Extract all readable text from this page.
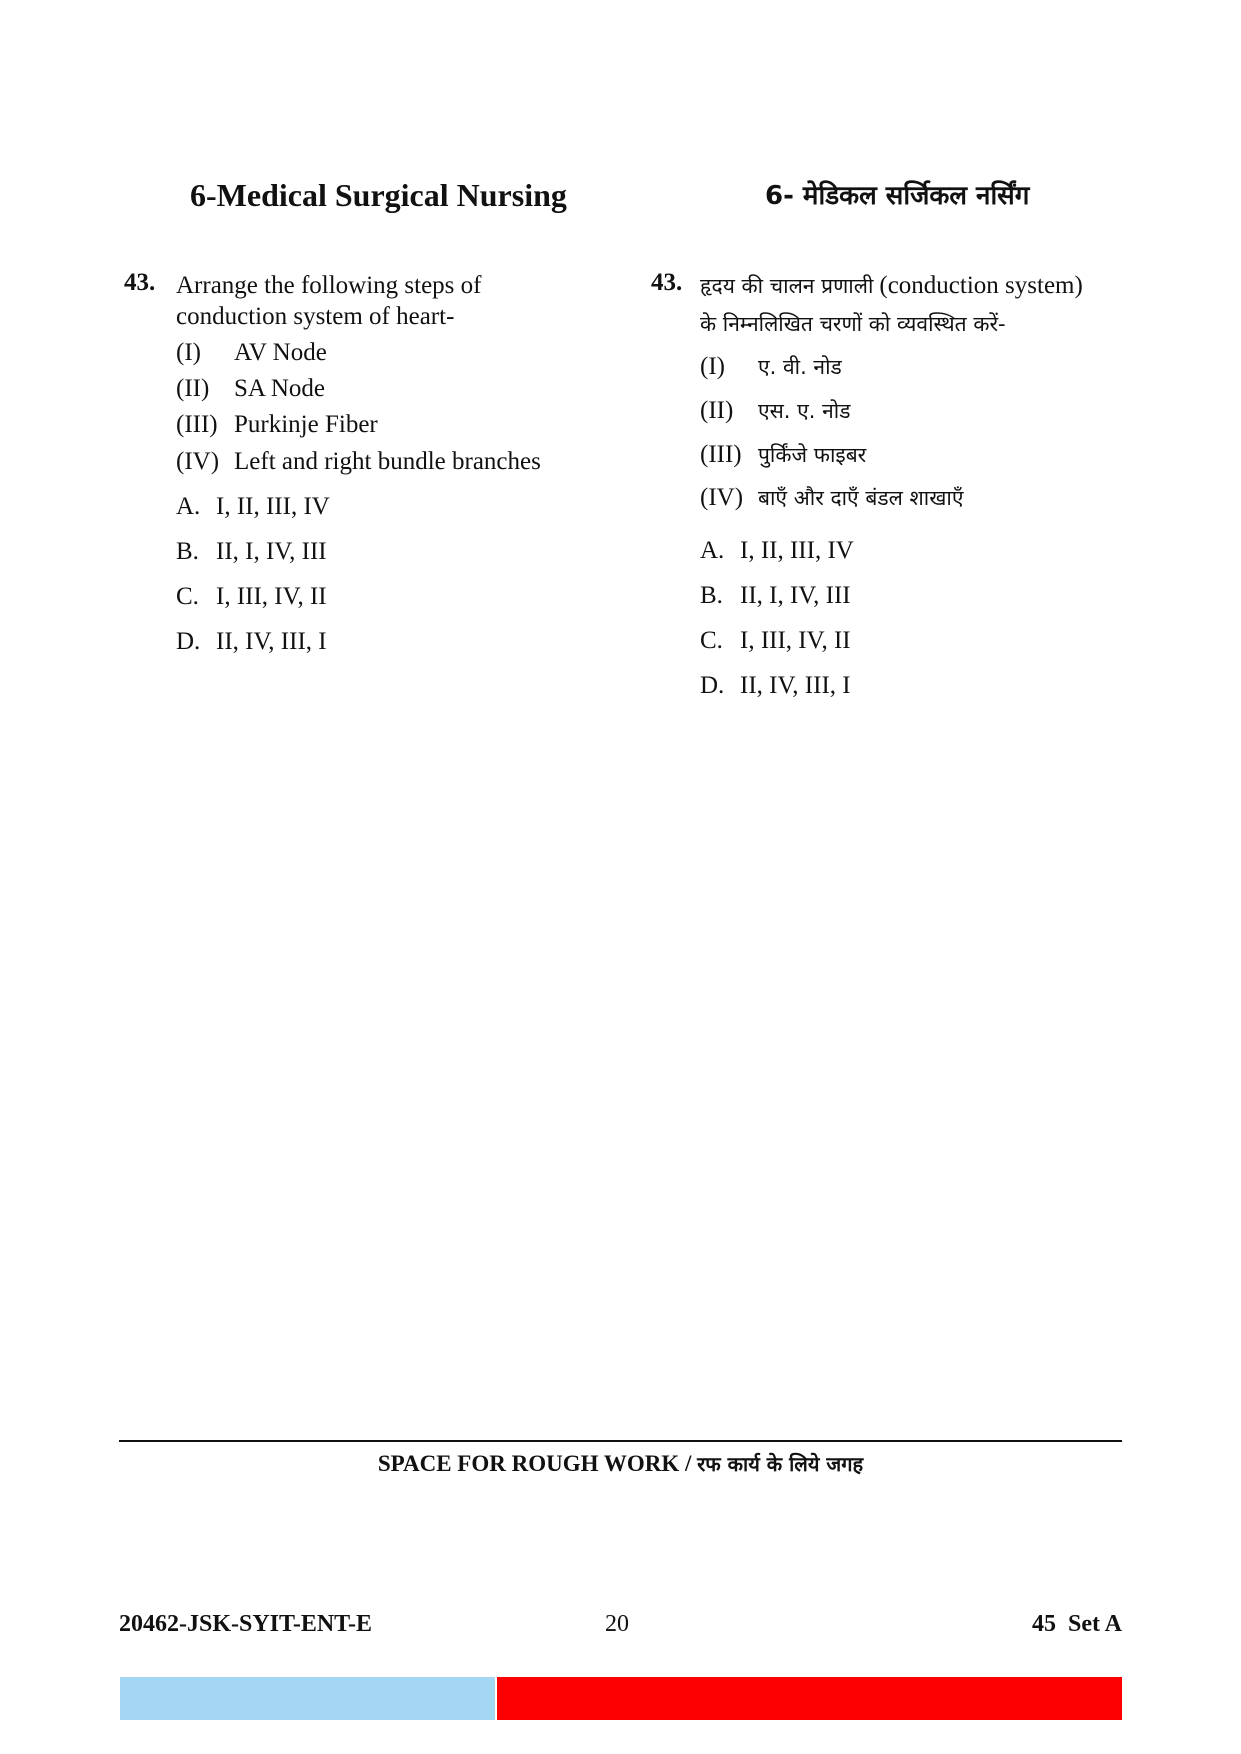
6-Medical Surgical Nursing	6- मेडिकल सर्जिकल नर्सिंग
43. Arrange the following steps of
conduction system of heart-
(I)	AV Node
(II) SA Node
(III) Purkinje Fiber
(IV) Left and right bundle branches
A. I, II, III, IV
B. II, I, IV, III
C. I, III, IV, II
D. II, IV, III, I
43. हृदय की चालन प्रणाली (conduction system)
के निम्नलिखित चरणों को व्यवस्थित करें-
(I)	ए. वी. नोड
(II)	एस. ए. नोड
(III) पुर्किंजे फाइबर
(IV) बाएँ और दाएँ बंडल शाखाएँ
A. I, II, III, IV
B. II, I, IV, III
C. I, III, IV, II
D. II, IV, III, I
SPACE FOR ROUGH WORK / रफ कार्य के लिये जगह
20462-JSK-SYIT-ENT-E	20	45 Set A
